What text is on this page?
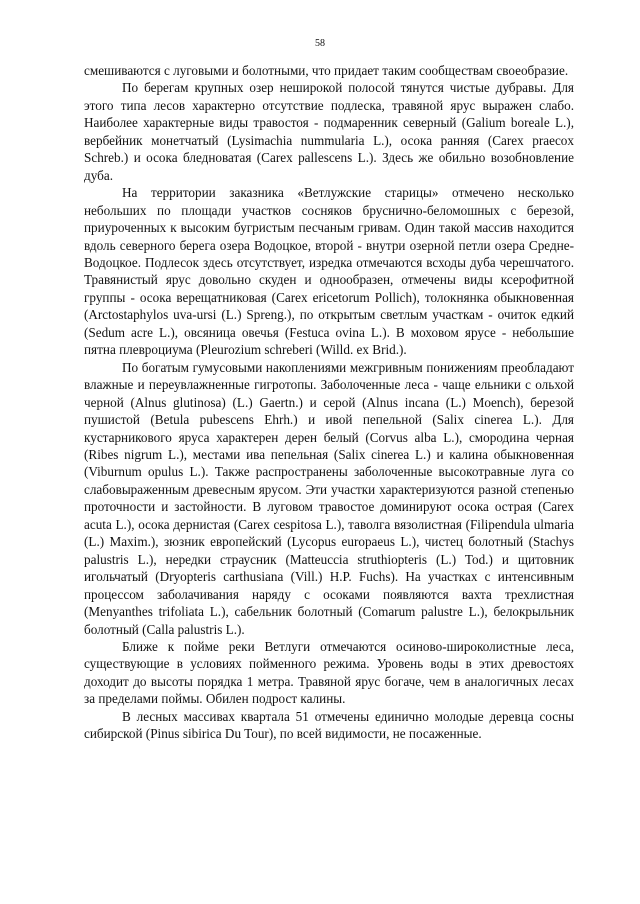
58

смешиваются с луговыми и болотными, что придает таким сообществам своеобразие.

По берегам крупных озер неширокой полосой тянутся чистые дубравы. Для этого типа лесов характерно отсутствие подлеска, травяной ярус выражен слабо. Наиболее характерные виды травостоя - подмаренник северный (Galium boreale L.), вербейник монетчатый (Lysimachia nummularia L.), осока ранняя (Carex praecox Schreb.) и осока бледноватая (Carex pallescens L.). Здесь же обильно возобновление дуба.

На территории заказника «Ветлужские старицы» отмечено несколько небольших по площади участков сосняков бруснично-беломошных с березой, приуроченных к высоким бугристым песчаным гривам. Один такой массив находится вдоль северного берега озера Водоцкое, второй - внутри озерной петли озера Средне-Водоцкое. Подлесок здесь отсутствует, изредка отмечаются всходы дуба черешчатого. Травянистый ярус довольно скуден и однообразен, отмечены виды ксерофитной группы - осока верещатниковая (Carex ericetorum Pollich), толокнянка обыкновенная (Arctostaphylos uva-ursi (L.) Spreng.), по открытым светлым участкам - очиток едкий (Sedum acre L.), овсяница овечья (Festuca ovina L.). В моховом ярусе - небольшие пятна плевроциума (Pleurozium schreberi (Willd. ex Brid.).

По богатым гумусовыми накоплениями межгривным понижениям преобладают влажные и переувлажненные гигротопы. Заболоченные леса - чаще ельники с ольхой черной (Alnus glutinosa) (L.) Gaertn.) и серой (Alnus incana (L.) Moench), березой пушистой (Betula pubescens Ehrh.) и ивой пепельной (Salix cinerea L.). Для кустарникового яруса характерен дерен белый (Corvus alba L.), смородина черная (Ribes nigrum L.), местами ива пепельная (Salix cinerea L.) и калина обыкновенная (Viburnum opulus L.). Также распространены заболоченные высокотравные луга со слабовыраженным древесным ярусом. Эти участки характеризуются разной степенью проточности и застойности. В луговом травостое доминируют осока острая (Carex acuta L.), осока дернистая (Carex cespitosa L.), таволга вязолистная (Filipendula ulmaria (L.) Maxim.), зюзник европейский (Lycopus europaeus L.), чистец болотный (Stachys palustris L.), нередки страусник (Matteuccia struthiopteris (L.) Tod.) и щитовник игольчатый (Dryopteris carthusiana (Vill.) H.P. Fuchs). На участках с интенсивным процессом заболачивания наряду с осоками появляются вахта трехлистная (Menyanthes trifoliata L.), сабельник болотный (Comarum palustre L.), белокрыльник болотный (Calla palustris L.).

Ближе к пойме реки Ветлуги отмечаются осиново-широколистные леса, существующие в условиях пойменного режима. Уровень воды в этих древостоях доходит до высоты порядка 1 метра. Травяной ярус богаче, чем в аналогичных лесах за пределами поймы. Обилен подрост калины.

В лесных массивах квартала 51 отмечены единично молодые деревца сосны сибирской (Pinus sibirica Du Tour), по всей видимости, не посаженные.
